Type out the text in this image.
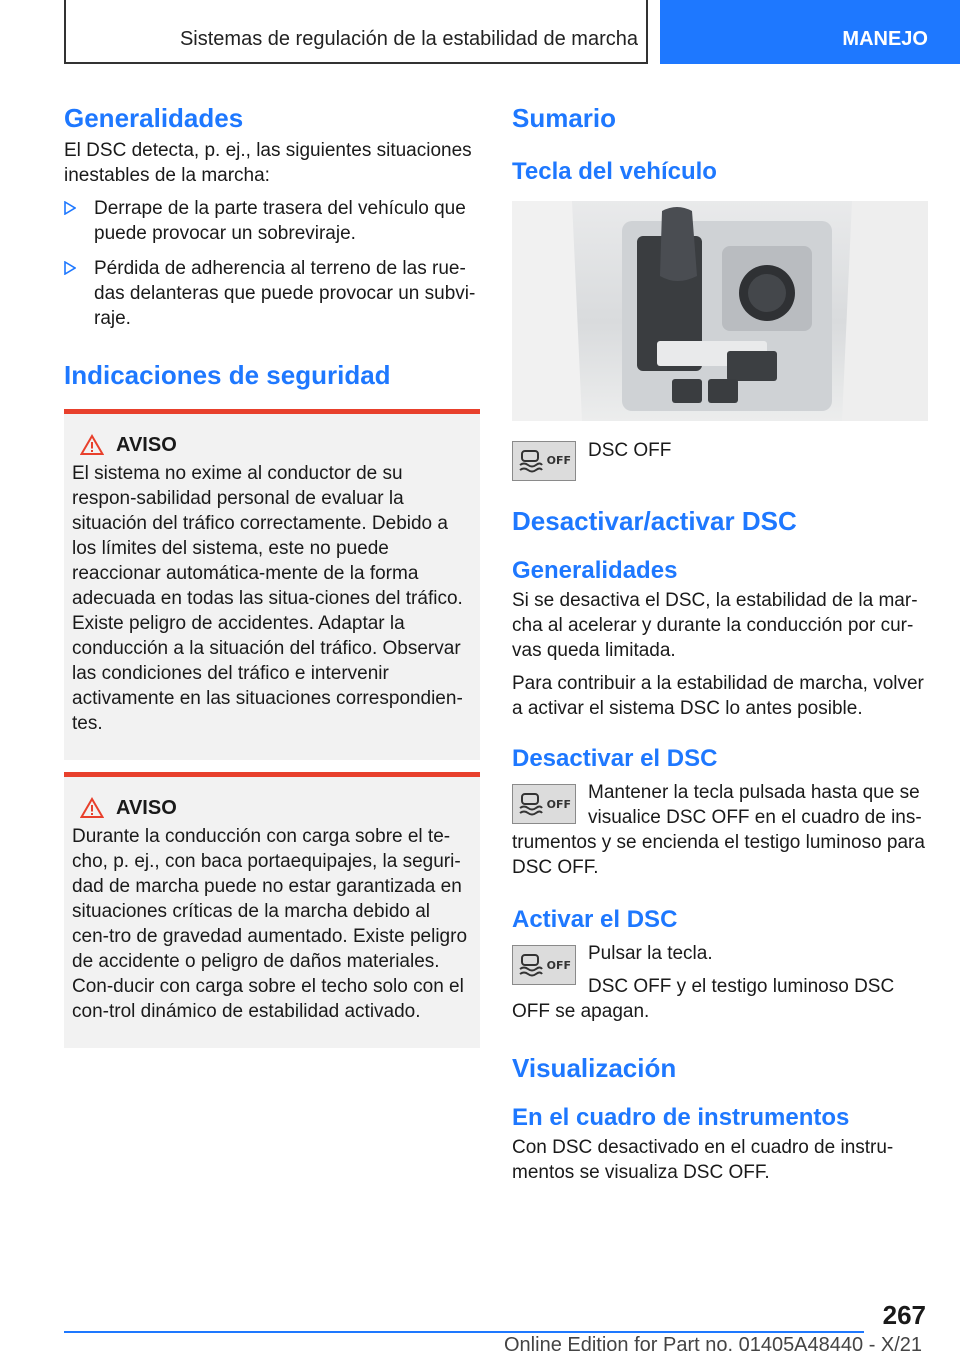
Sistemas de regulación de la estabilidad de marcha	MANEJO
Generalidades

El DSC detecta, p. ej., las siguientes situaciones inestables de la marcha:

Derrape de la parte trasera del vehículo que puede provocar un sobreviraje.
Pérdida de adherencia al terreno de las rue-das delanteras que puede provocar un subvi-raje.
Indicaciones de seguridad
AVISO

El sistema no exime al conductor de su respon-sabilidad personal de evaluar la situación del tráfico correctamente. Debido a los límites del sistema, este no puede reaccionar automática-mente de la forma adecuada en todas las situa-ciones del tráfico. Existe peligro de accidentes. Adaptar la conducción a la situación del tráfico. Observar las condiciones del tráfico e intervenir activamente en las situaciones correspondien-tes.

AVISO

Durante la conducción con carga sobre el te-cho, p. ej., con baca portaequipajes, la seguri-dad de marcha puede no estar garantizada en situaciones críticas de la marcha debido al cen-tro de gravedad aumentado. Existe peligro de accidente o peligro de daños materiales. Con-ducir con carga sobre el techo solo con el con-trol dinámico de estabilidad activado.

Sumario
Tecla del vehículo
OFF DSC OFF

Desactivar/activar DSC
Generalidades

Si se desactiva el DSC, la estabilidad de la mar-cha al acelerar y durante la conducción por cur-vas queda limitada.

Para contribuir a la estabilidad de marcha, volver a activar el sistema DSC lo antes posible.

Desactivar el DSC
OFF

Mantener la tecla pulsada hasta que se visualice DSC OFF en el cuadro de ins-trumentos y se encienda el testigo luminoso para DSC OFF.

Activar el DSC
OFF

Pulsar la tecla.

DSC OFF y el testigo luminoso DSC OFF se apagan.

Visualización
En el cuadro de instrumentos

Con DSC desactivado en el cuadro de instru-mentos se visualiza DSC OFF.

267
Online Edition for Part no. 01405A48440 - X/21
